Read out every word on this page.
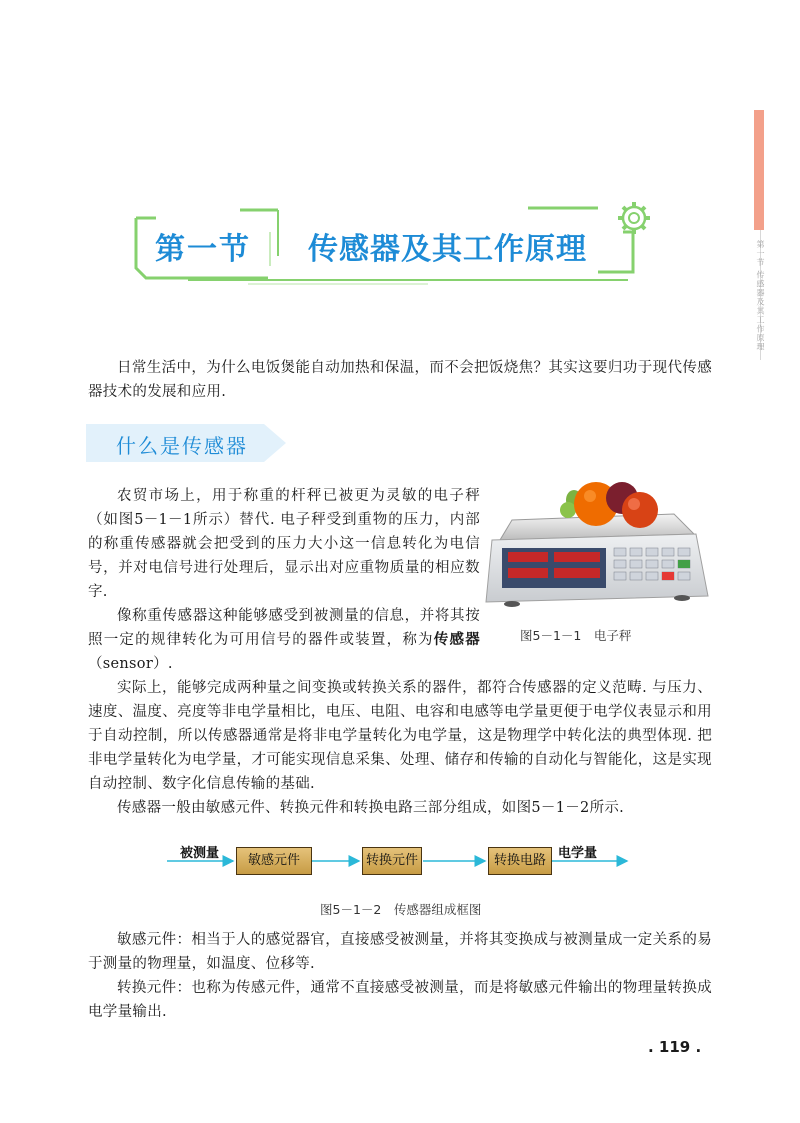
第一节 传感器及其工作原理
第一节 传感器及其工作原理

日常生活中，为什么电饭煲能自动加热和保温，而不会把饭烧焦？其实这要归功于现代传感器技术的发展和应用.

什么是传感器

农贸市场上，用于称重的杆秤已被更为灵敏的电子秤（如图5－1－1所示）替代. 电子秤受到重物的压力，内部的称重传感器就会把受到的压力大小这一信息转化为电信号，并对电信号进行处理后，显示出对应重物质量的相应数字.

图5－1－1　电子秤

像称重传感器这种能够感受到被测量的信息，并将其按照一定的规律转化为可用信号的器件或装置，称为传感器（sensor）.

实际上，能够完成两种量之间变换或转换关系的器件，都符合传感器的定义范畴. 与压力、速度、温度、亮度等非电学量相比，电压、电阻、电容和电感等电学量更便于电学仪表显示和用于自动控制，所以传感器通常是将非电学量转化为电学量，这是物理学中转化法的典型体现. 把非电学量转化为电学量，才可能实现信息采集、处理、储存和传输的自动化与智能化，这是实现自动控制、数字化信息传输的基础.

传感器一般由敏感元件、转换元件和转换电路三部分组成，如图5－1－2所示.

被测量	敏感元件	转换元件	转换电路 电学量
图5－1－2　传感器组成框图

敏感元件：相当于人的感觉器官，直接感受被测量，并将其变换成与被测量成一定关系的易于测量的物理量，如温度、位移等.

转换元件：也称为传感元件，通常不直接感受被测量，而是将敏感元件输出的物理量转换成电学量输出.

. 119 .
